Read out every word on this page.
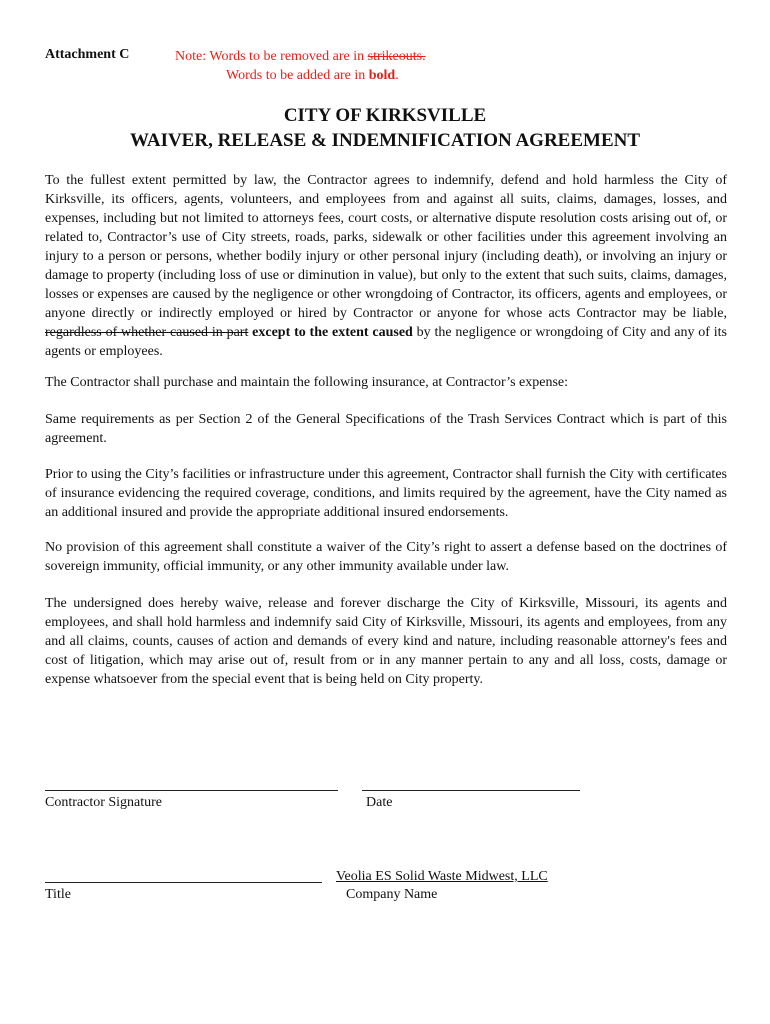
Attachment C	Note: Words to be removed are in strikeouts.
Words to be added are in bold.
CITY OF KIRKSVILLE
WAIVER, RELEASE & INDEMNIFICATION AGREEMENT
To the fullest extent permitted by law, the Contractor agrees to indemnify, defend and hold harmless the City of Kirksville, its officers, agents, volunteers, and employees from and against all suits, claims, damages, losses, and expenses, including but not limited to attorneys fees, court costs, or alternative dispute resolution costs arising out of, or related to, Contractor’s use of City streets, roads, parks, sidewalk or other facilities under this agreement involving an injury to a person or persons, whether bodily injury or other personal injury (including death), or involving an injury or damage to property (including loss of use or diminution in value), but only to the extent that such suits, claims, damages, losses or expenses are caused by the negligence or other wrongdoing of Contractor, its officers, agents and employees, or anyone directly or indirectly employed or hired by Contractor or anyone for whose acts Contractor may be liable, regardless of whether caused in part except to the extent caused by the negligence or wrongdoing of City and any of its agents or employees.
The Contractor shall purchase and maintain the following insurance, at Contractor’s expense:
Same requirements as per Section 2 of the General Specifications of the Trash Services Contract which is part of this agreement.
Prior to using the City’s facilities or infrastructure under this agreement, Contractor shall furnish the City with certificates of insurance evidencing the required coverage, conditions, and limits required by the agreement, have the City named as an additional insured and provide the appropriate additional insured endorsements.
No provision of this agreement shall constitute a waiver of the City’s right to assert a defense based on the doctrines of sovereign immunity, official immunity, or any other immunity available under law.
The undersigned does hereby waive, release and forever discharge the City of Kirksville, Missouri, its agents and employees, and shall hold harmless and indemnify said City of Kirksville, Missouri, its agents and employees, from any and all claims, counts, causes of action and demands of every kind and nature, including reasonable attorney's fees and cost of litigation, which may arise out of, result from or in any manner pertain to any and all loss, costs, damage or expense whatsoever from the special event that is being held on City property.
Contractor Signature	Date
Veolia ES Solid Waste Midwest, LLC
Title	Company Name
